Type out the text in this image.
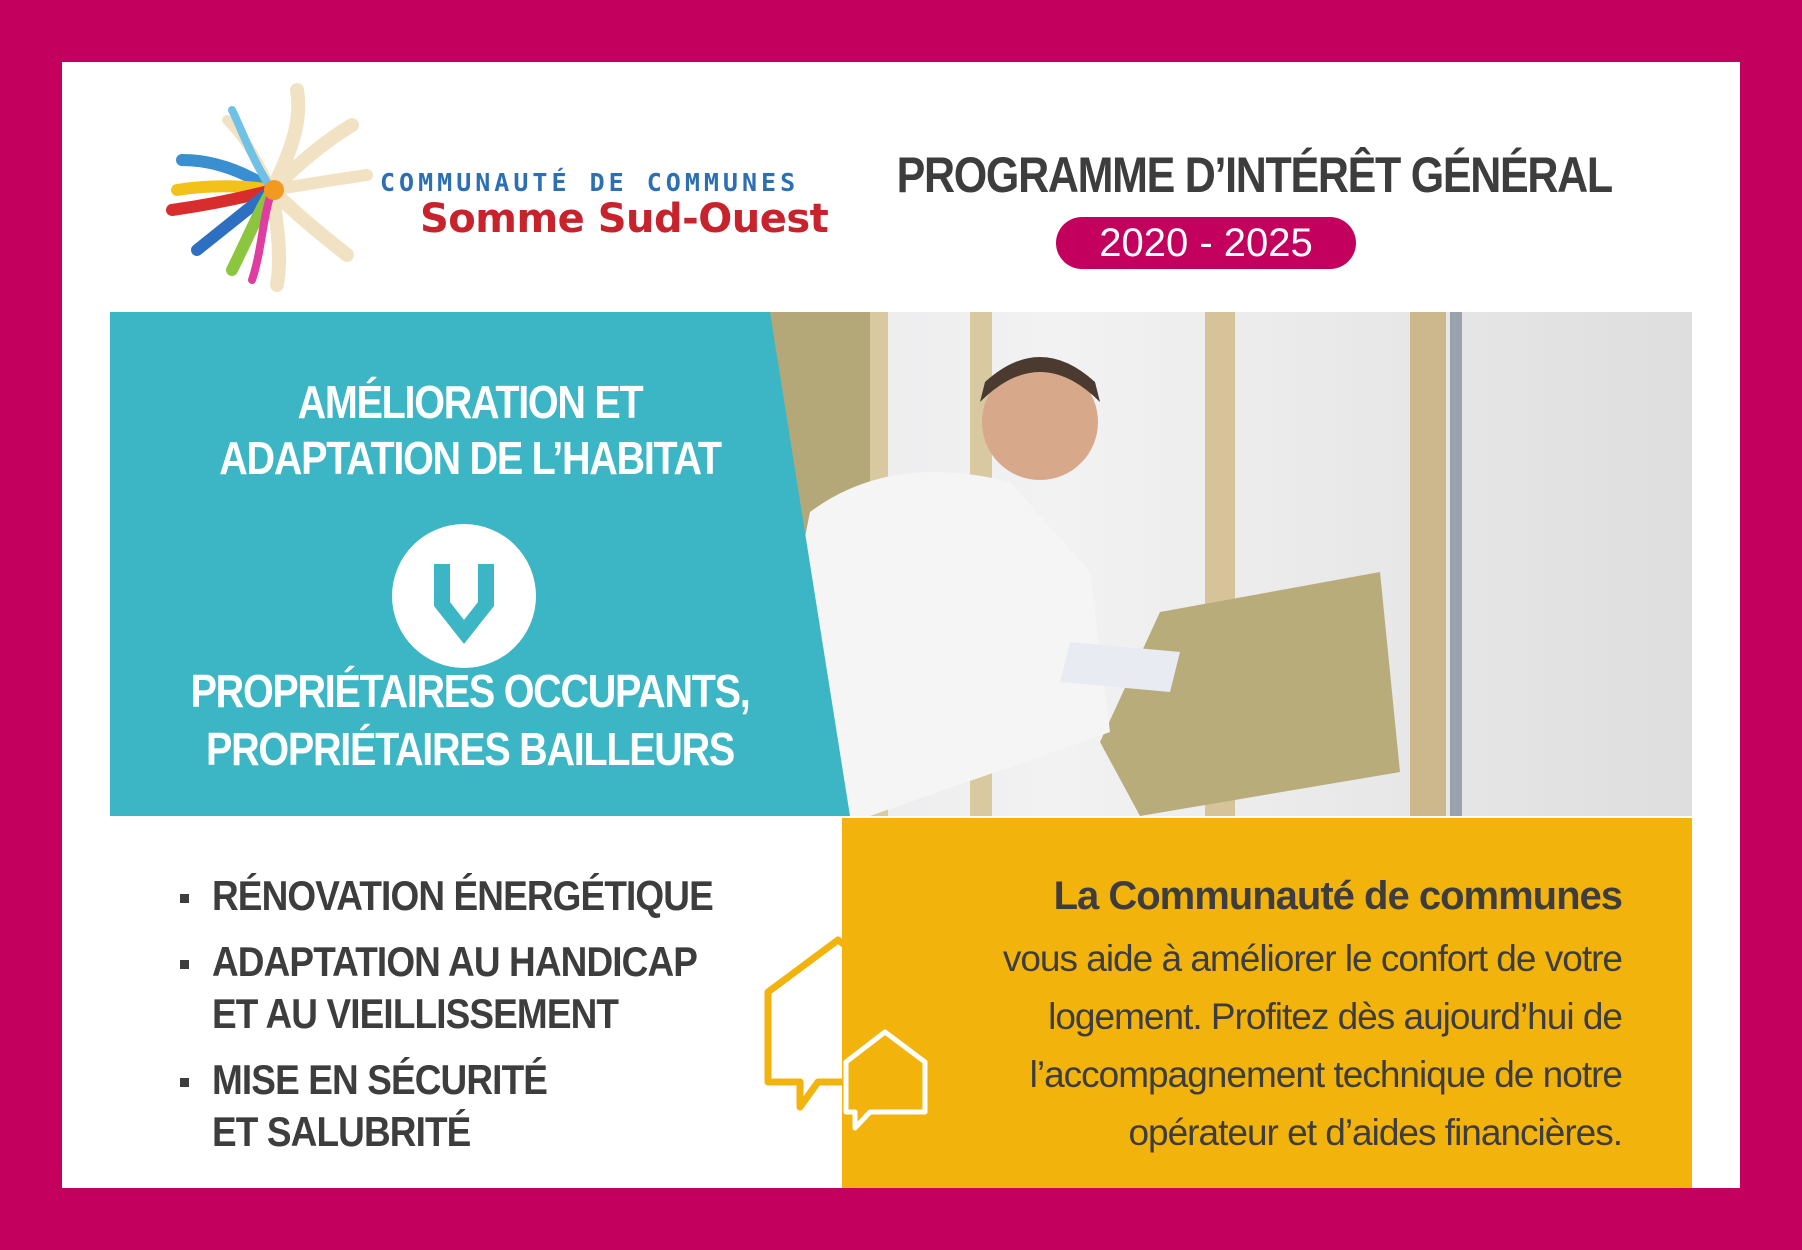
COMMUNAUTÉ DE COMMUNES
Somme Sud-Ouest
PROGRAMME D’INTÉRÊT GÉNÉRAL
2020 - 2025
AMÉLIORATION ET
ADAPTATION DE L’HABITAT
PROPRIÉTAIRES OCCUPANTS,
PROPRIÉTAIRES BAILLEURS
RÉNOVATION ÉNERGÉTIQUE
ADAPTATION AU HANDICAP
ET AU VIEILLISSEMENT
MISE EN SÉCURITÉ
ET SALUBRITÉ
La Communauté de communes
vous aide à améliorer le confort de votre
logement. Profitez dès aujourd’hui de
l’accompagnement technique de notre
opérateur et d’aides financières.
